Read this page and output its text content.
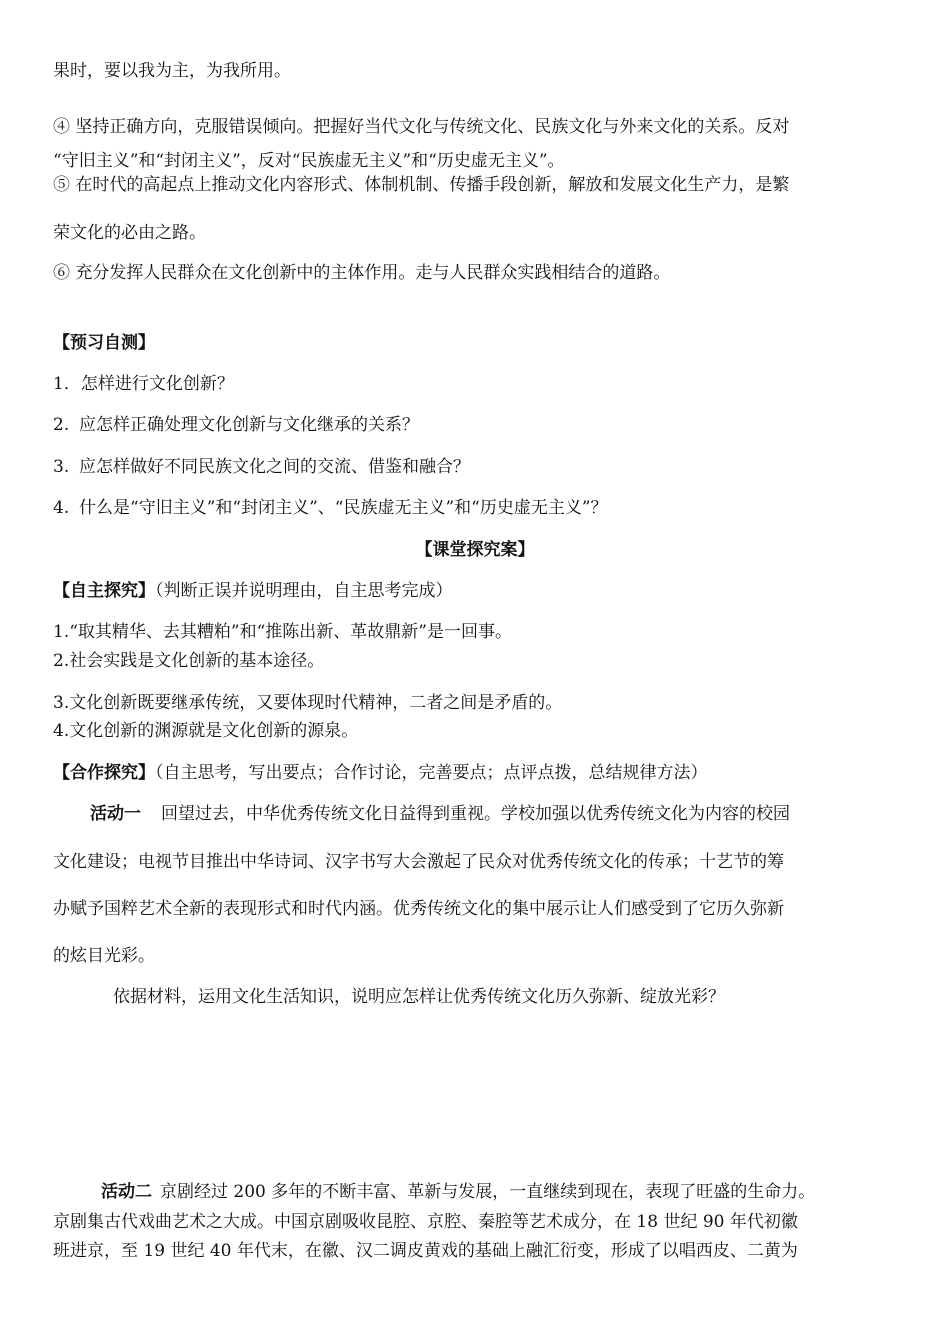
果时，要以我为主，为我所用。
④ 坚持正确方向，克服错误倾向。把握好当代文化与传统文化、民族文化与外来文化的关系。反对
“守旧主义”和“封闭主义”，反对“民族虚无主义”和“历史虚无主义”。
⑤ 在时代的高起点上推动文化内容形式、体制机制、传播手段创新，解放和发展文化生产力，是繁
荣文化的必由之路。
⑥ 充分发挥人民群众在文化创新中的主体作用。走与人民群众实践相结合的道路。
【预习自测】
1．怎样进行文化创新？
2. 应怎样正确处理文化创新与文化继承的关系？
3. 应怎样做好不同民族文化之间的交流、借鉴和融合？
4. 什么是“守旧主义”和“封闭主义”、“民族虚无主义”和“历史虚无主义”？
【课堂探究案】
【自主探究】（判断正误并说明理由，自主思考完成）
1.“取其精华、去其糟粕”和“推陈出新、革故鼎新”是一回事。
2.社会实践是文化创新的基本途径。
3.文化创新既要继承传统，又要体现时代精神，二者之间是矛盾的。
4.文化创新的渊源就是文化创新的源泉。
【合作探究】（自主思考，写出要点；合作讨论，完善要点；点评点拨，总结规律方法）
活动一 回望过去，中华优秀传统文化日益得到重视。学校加强以优秀传统文化为内容的校园
文化建设；电视节目推出中华诗词、汉字书写大会激起了民众对优秀传统文化的传承；十艺节的筹
办赋予国粹艺术全新的表现形式和时代内涵。优秀传统文化的集中展示让人们感受到了它历久弥新
的炫目光彩。
依据材料，运用文化生活知识，说明应怎样让优秀传统文化历久弥新、绽放光彩？
活动二 京剧经过 200 多年的不断丰富、革新与发展，一直继续到现在，表现了旺盛的生命力。
京剧集古代戏曲艺术之大成。中国京剧吸收昆腔、京腔、秦腔等艺术成分，在 18 世纪 90 年代初徽
班进京，至 19 世纪 40 年代末，在徽、汉二调皮黄戏的基础上融汇衍变，形成了以唱西皮、二黄为
